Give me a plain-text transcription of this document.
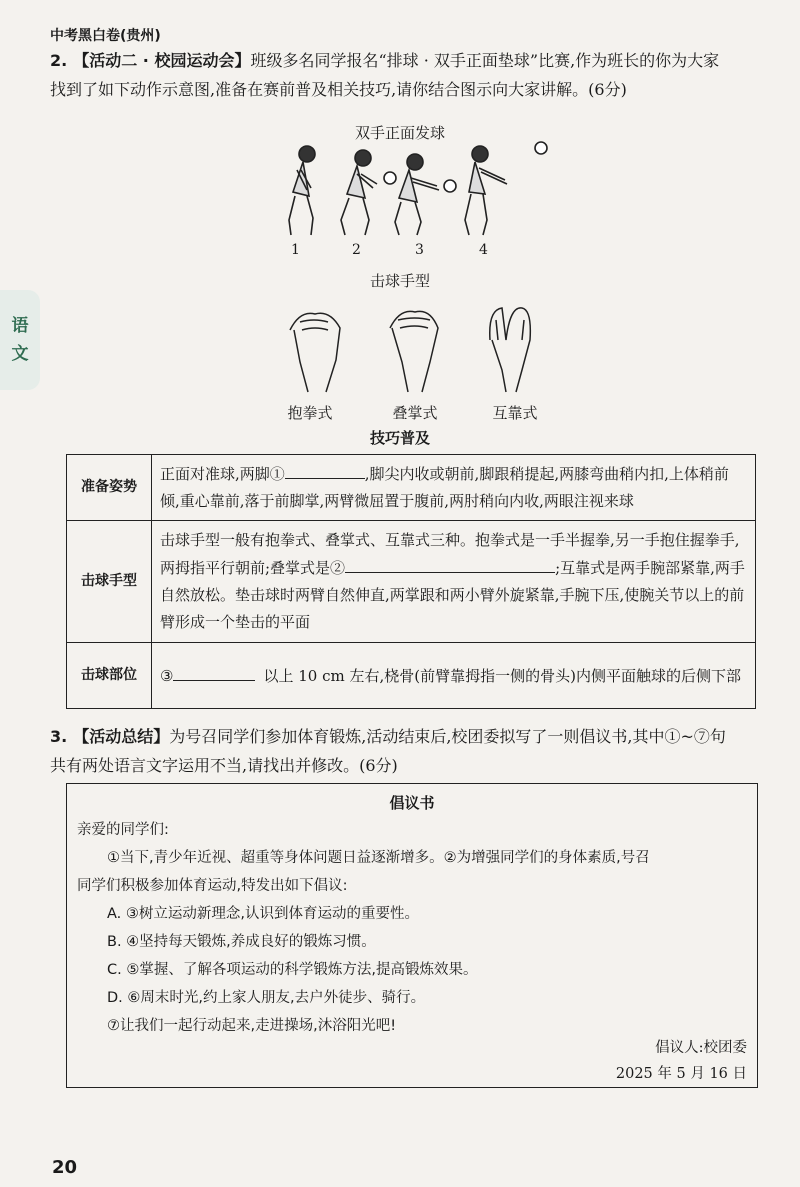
中考黑白卷(贵州)
语
文
2. 【活动二 · 校园运动会】班级多名同学报名“排球 · 双手正面垫球”比赛,作为班长的你为大家
找到了如下动作示意图,准备在赛前普及相关技巧,请你结合图示向大家讲解。(6分)
双手正面发球
1	2	3	4
击球手型
抱拳式	叠掌式	互靠式
技巧普及
准备姿势	正面对准球,两脚① ,脚尖内收或朝前,脚跟稍提起,两膝弯曲稍内扣,上体稍前倾,重心靠前,落于前脚掌,两臂微屈置于腹前,两肘稍向内收,两眼注视来球
击球手型	击球手型一般有抱拳式、叠掌式、互靠式三种。抱拳式是一手半握拳,另一手抱住握拳手,两拇指平行朝前;叠掌式是② ;互靠式是两手腕部紧靠,两手自然放松。垫击球时两臂自然伸直,两掌跟和两小臂外旋紧靠,手腕下压,使腕关节以上的前臂形成一个垫击的平面
击球部位	③ 以上 10 cm 左右,桡骨(前臂靠拇指一侧的骨头)内侧平面触球的后侧下部
3. 【活动总结】为号召同学们参加体育锻炼,活动结束后,校团委拟写了一则倡议书,其中①~⑦句
共有两处语言文字运用不当,请找出并修改。(6分)
倡议书
亲爱的同学们:
①当下,青少年近视、超重等身体问题日益逐渐增多。②为增强同学们的身体素质,号召
同学们积极参加体育运动,特发出如下倡议:
A. ③树立运动新理念,认识到体育运动的重要性。
B. ④坚持每天锻炼,养成良好的锻炼习惯。
C. ⑤掌握、了解各项运动的科学锻炼方法,提高锻炼效果。
D. ⑥周末时光,约上家人朋友,去户外徒步、骑行。
⑦让我们一起行动起来,走进操场,沐浴阳光吧!
倡议人:校团委
2025 年 5 月 16 日
20
